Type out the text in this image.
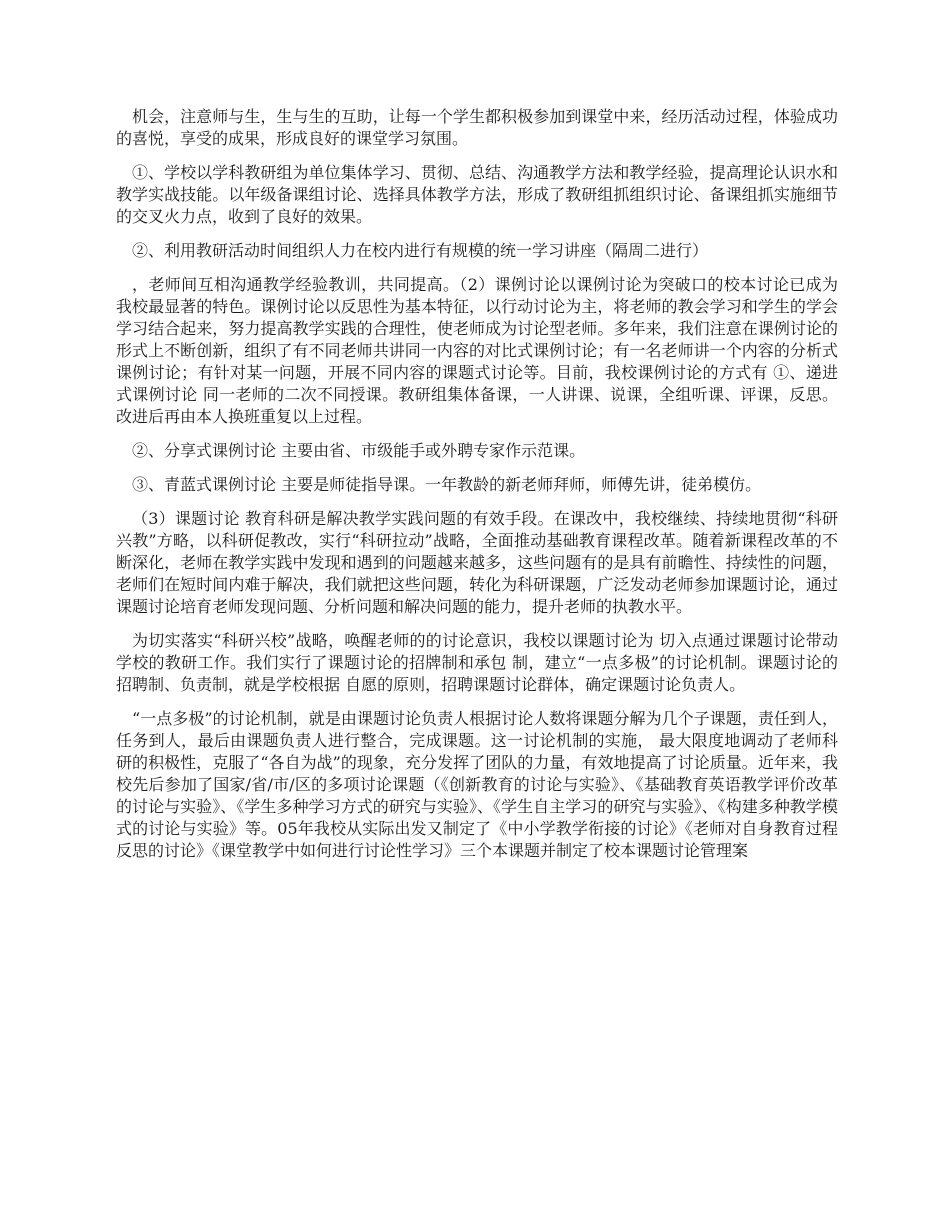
机会，注意师与生，生与生的互助，让每一个学生都积极参加到课堂中来，经历活动过程，体验成功的喜悦，享受的成果，形成良好的课堂学习氛围。

①、学校以学科教研组为单位集体学习、贯彻、总结、沟通教学方法和教学经验，提高理论认识水和教学实战技能。以年级备课组讨论、选择具体教学方法，形成了教研组抓组织讨论、备课组抓实施细节的交叉火力点，收到了良好的效果。

②、利用教研活动时间组织人力在校内进行有规模的统一学习讲座（隔周二进行）

，老师间互相沟通教学经验教训，共同提高。（2）课例讨论以课例讨论为突破口的校本讨论已成为我校最显著的特色。课例讨论以反思性为基本特征，以行动讨论为主，将老师的教会学习和学生的学会学习结合起来，努力提高教学实践的合理性，使老师成为讨论型老师。多年来，我们注意在课例讨论的形式上不断创新，组织了有不同老师共讲同一内容的对比式课例讨论；有一名老师讲一个内容的分析式课例讨论；有针对某一问题，开展不同内容的课题式讨论等。目前，我校课例讨论的方式有 ①、递进式课例讨论 同一老师的二次不同授课。教研组集体备课，一人讲课、说课，全组听课、评课，反思。改进后再由本人换班重复以上过程。

②、分享式课例讨论 主要由省、市级能手或外聘专家作示范课。

③、青蓝式课例讨论 主要是师徒指导课。一年教龄的新老师拜师，师傅先讲，徒弟模仿。

（3）课题讨论 教育科研是解决教学实践问题的有效手段。在课改中，我校继续、持续地贯彻“科研兴教”方略，以科研促教改，实行“科研拉动”战略，全面推动基础教育课程改革。随着新课程改革的不断深化，老师在教学实践中发现和遇到的问题越来越多，这些问题有的是具有前瞻性、持续性的问题，老师们在短时间内难于解决，我们就把这些问题，转化为科研课题，广泛发动老师参加课题讨论，通过课题讨论培育老师发现问题、分析问题和解决问题的能力，提升老师的执教水平。

为切实落实“科研兴校”战略，唤醒老师的的讨论意识，我校以课题讨论为 切入点通过课题讨论带动学校的教研工作。我们实行了课题讨论的招牌制和承包 制，建立“一点多极”的讨论机制。课题讨论的招聘制、负责制，就是学校根据 自愿的原则，招聘课题讨论群体，确定课题讨论负责人。

“一点多极”的讨论机制，就是由课题讨论负责人根据讨论人数将课题分解为几个子课题，责任到人，任务到人，最后由课题负责人进行整合，完成课题。这一讨论机制的实施， 最大限度地调动了老师科研的积极性，克服了“各自为战”的现象，充分发挥了团队的力量，有效地提高了讨论质量。近年来，我校先后参加了国家/省/市/区的多项讨论课题（《创新教育的讨论与实验》、《基础教育英语教学评价改革的讨论与实验》、《学生多种学习方式的研究与实验》、《学生自主学习的研究与实验》、《构建多种教学模式的讨论与实验》等。05年我校从实际出发又制定了《中小学教学衔接的讨论》《老师对自身教育过程反思的讨论》《课堂教学中如何进行讨论性学习》三个本课题并制定了校本课题讨论管理案
